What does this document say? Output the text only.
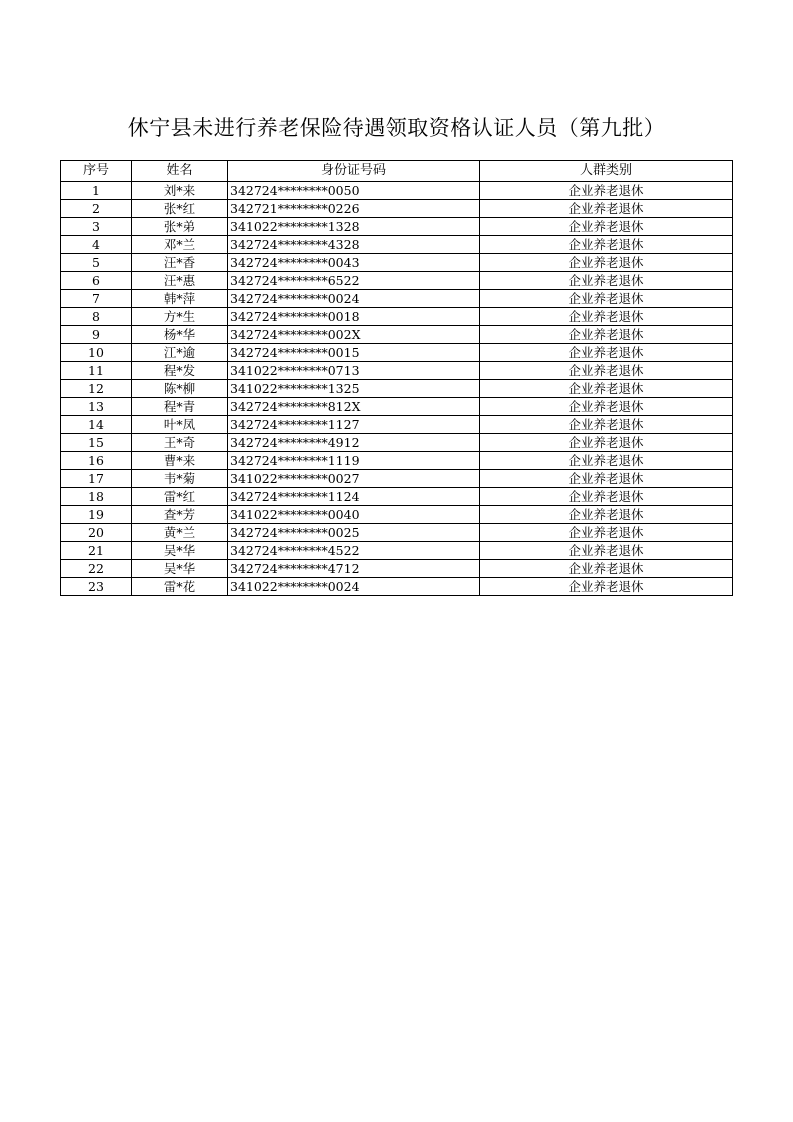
休宁县未进行养老保险待遇领取资格认证人员（第九批）
序号	姓名	身份证号码	人群类别
1	刘*来	342724********0050	企业养老退休
2	张*红	342721********0226	企业养老退休
3	张*弟	341022********1328	企业养老退休
4	邓*兰	342724********4328	企业养老退休
5	汪*香	342724********0043	企业养老退休
6	汪*惠	342724********6522	企业养老退休
7	韩*萍	342724********0024	企业养老退休
8	方*生	342724********0018	企业养老退休
9	杨*华	342724********002X	企业养老退休
10	江*逾	342724********0015	企业养老退休
11	程*发	341022********0713	企业养老退休
12	陈*柳	341022********1325	企业养老退休
13	程*青	342724********812X	企业养老退休
14	叶*凤	342724********1127	企业养老退休
15	王*奇	342724********4912	企业养老退休
16	曹*来	342724********1119	企业养老退休
17	韦*菊	341022********0027	企业养老退休
18	雷*红	342724********1124	企业养老退休
19	查*芳	341022********0040	企业养老退休
20	黄*兰	342724********0025	企业养老退休
21	吴*华	342724********4522	企业养老退休
22	吴*华	342724********4712	企业养老退休
23	雷*花	341022********0024	企业养老退休
